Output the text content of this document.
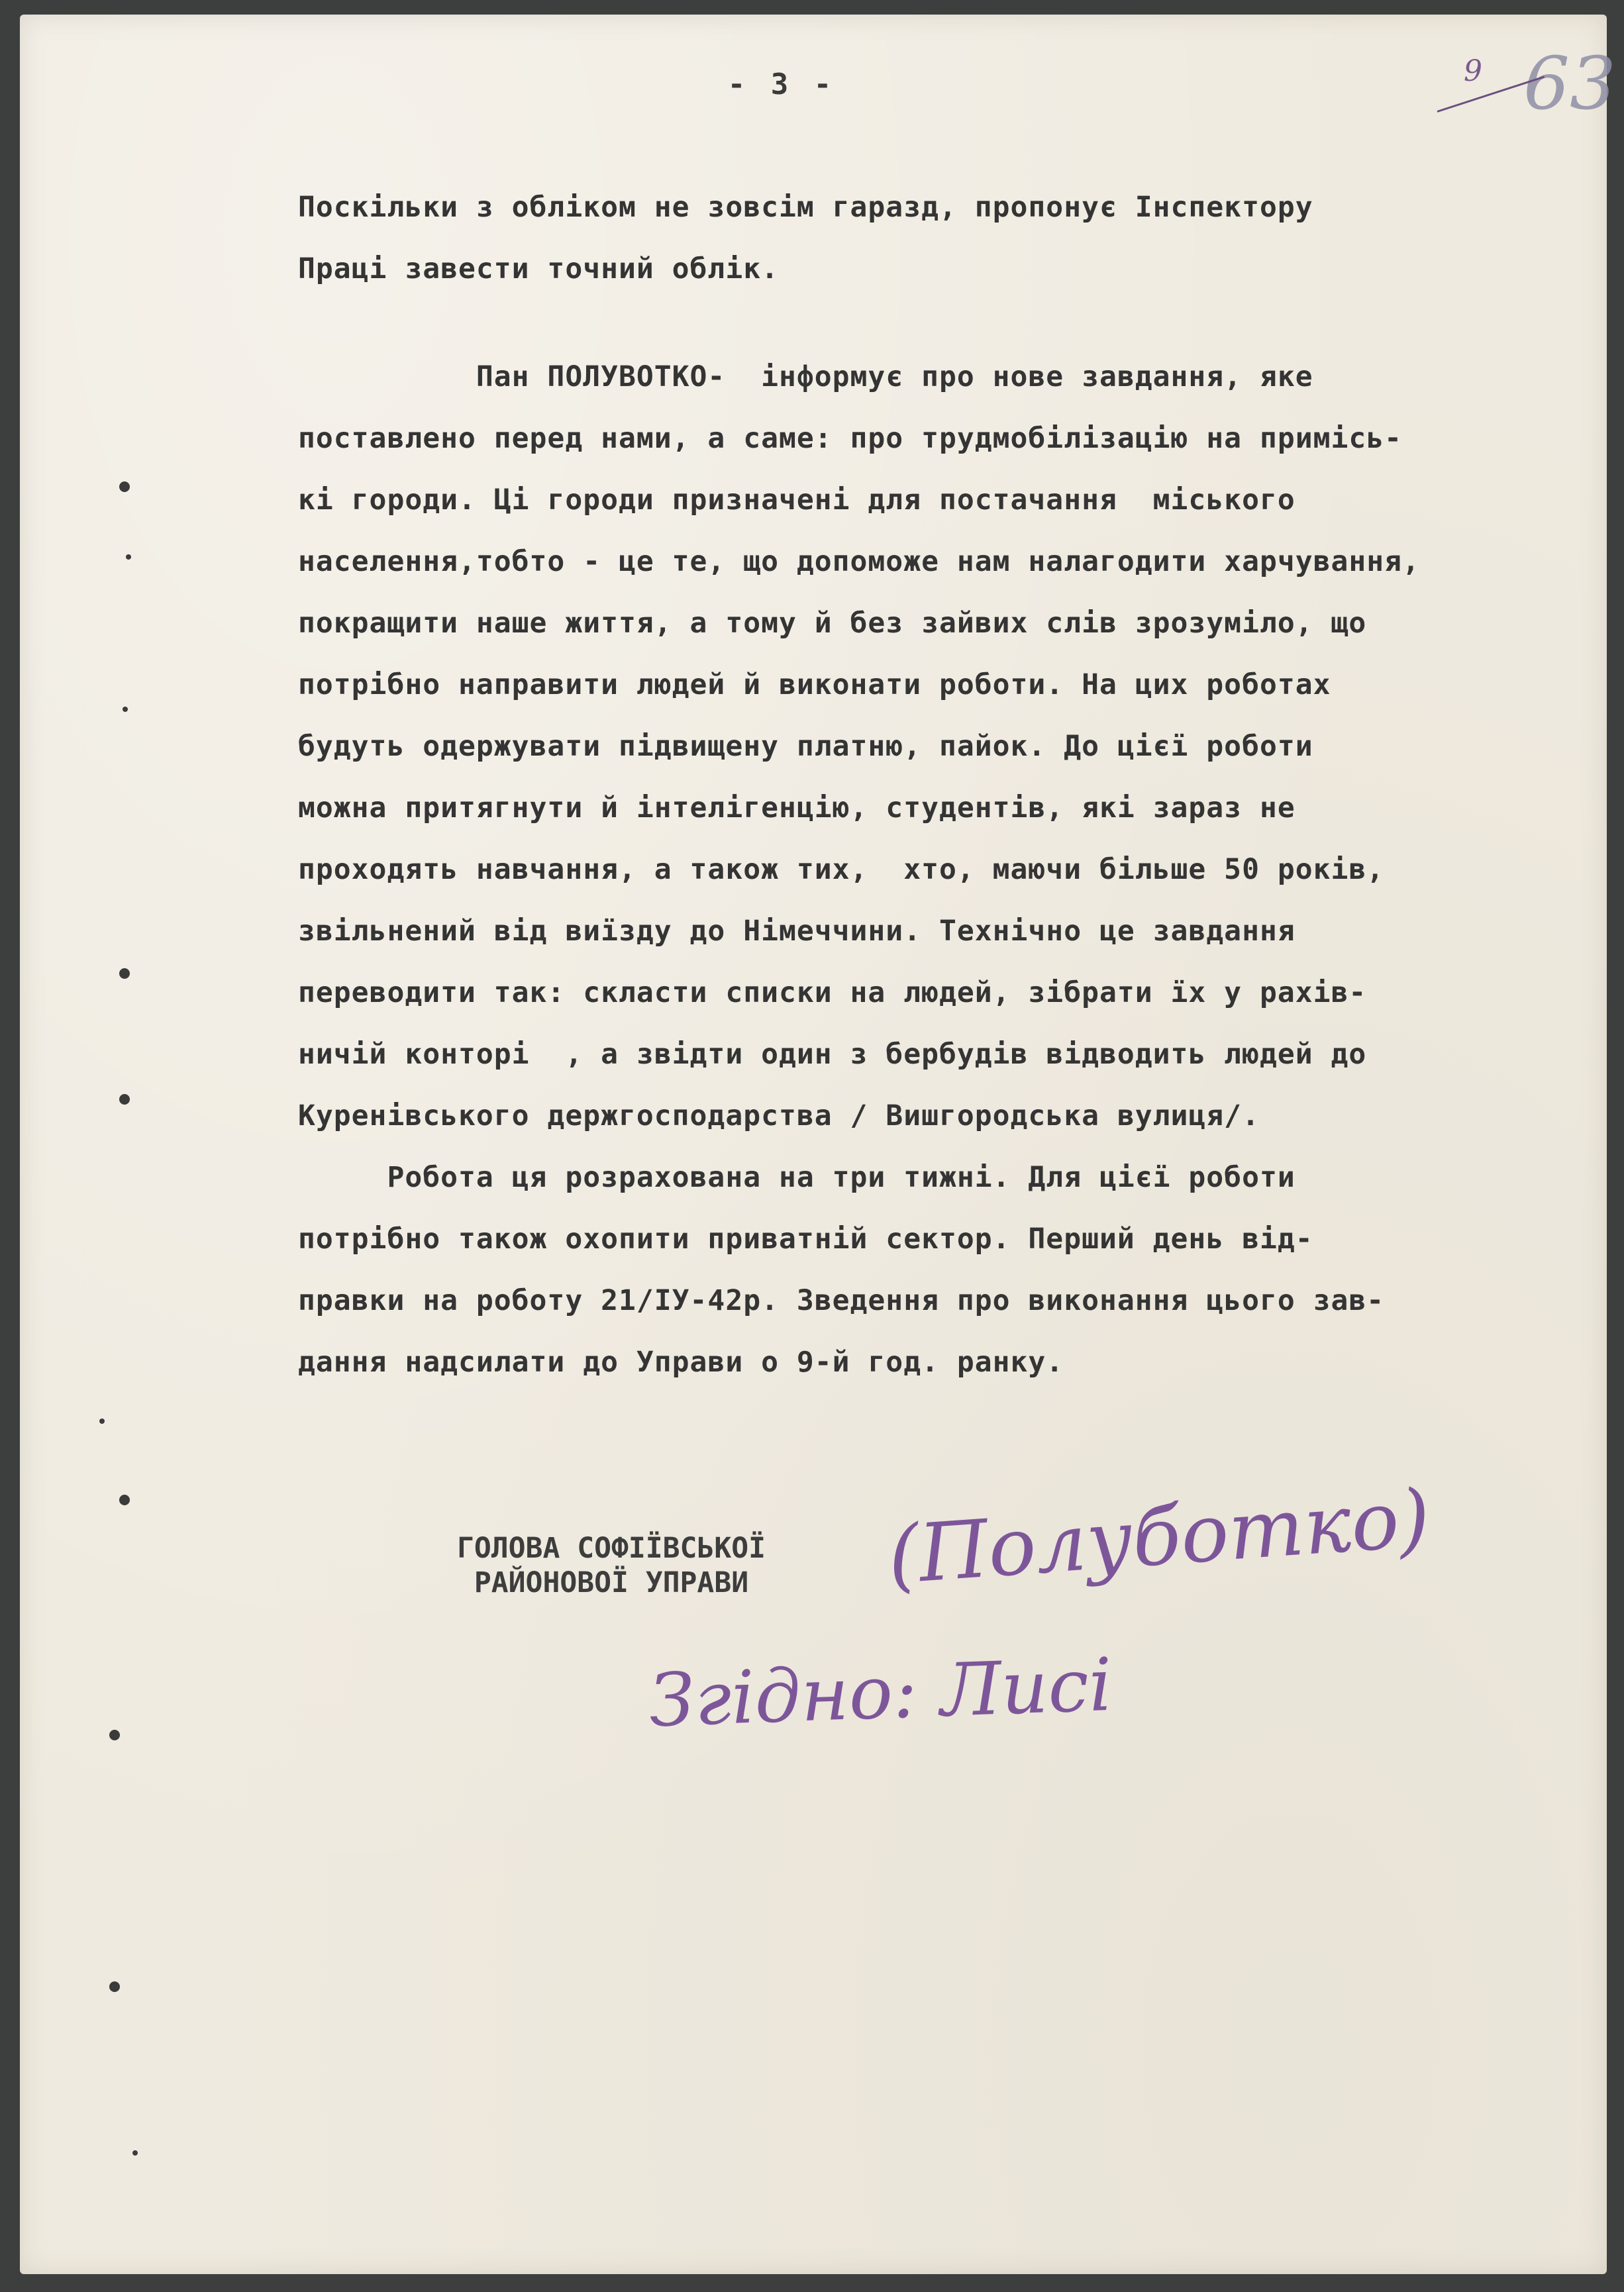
- 3 -	63
9
Поскільки з обліком не зовсім гаразд, пропонує Інспектору
Праці завести точний облік.
Пан ПОЛУВОТКО-  інформує про нове завдання, яке
поставлено перед нами, а саме: про трудмобілізацію на примісь-
кі городи. Ці городи призначені для постачання  міського
населення,тобто - це те, що допоможе нам налагодити харчування,
покращити наше життя, а тому й без зайвих слів зрозуміло, що
потрібно направити людей й виконати роботи. На цих роботах
будуть одержувати підвищену платню, пайок. До цієї роботи
можна притягнути й інтелігенцію, студентів, які зараз не
проходять навчання, а також тих,  хто, маючи більше 50 років,
звільнений від виїзду до Німеччини. Технічно це завдання
переводити так: скласти списки на людей, зібрати їх у рахів-
ничій конторі  , а звідти один з бербудів відводить людей до
Куренівського держгосподарства / Вишгородська вулиця/.
Робота ця розрахована на три тижні. Для цієї роботи
потрібно також охопити приватній сектор. Перший день від-
правки на роботу 21/ІУ-42р. Зведення про виконання цього зав-
дання надсилати до Управи о 9-й год. ранку.
ГОЛОВА СОФІЇВСЬКОЇ
РАЙОНОВОЇ УПРАВИ (Полуботко)
Згідно: Лисі
